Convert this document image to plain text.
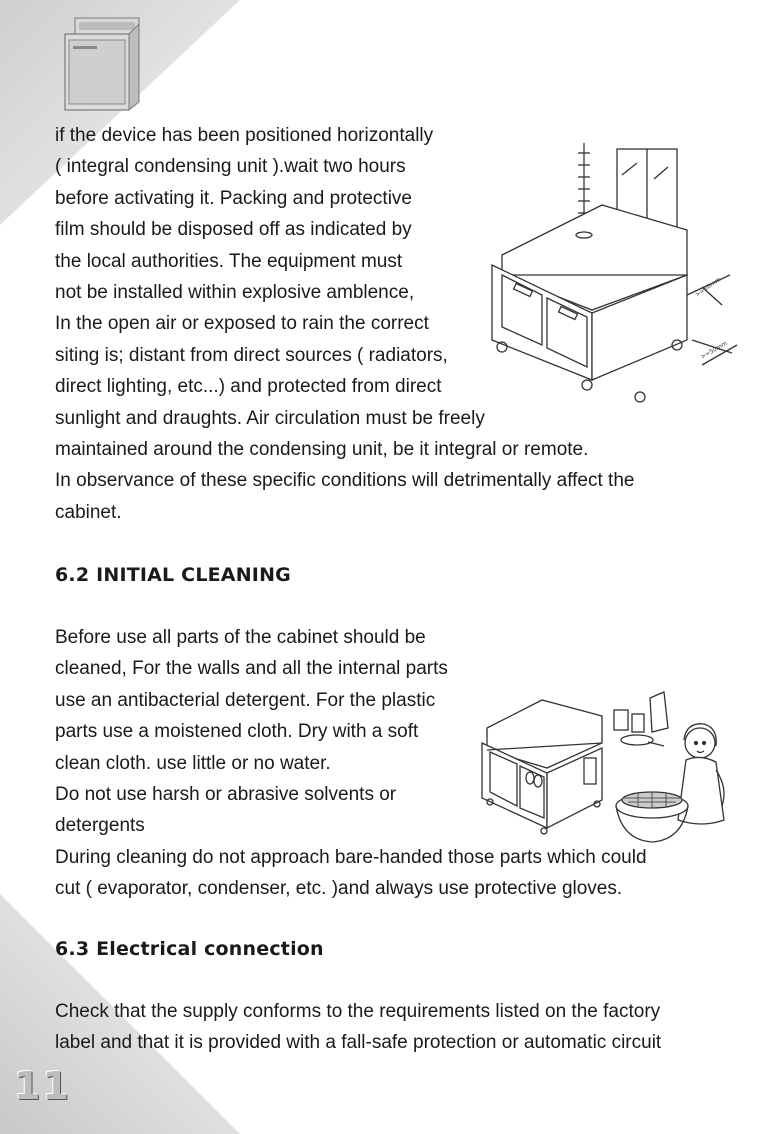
if the device has been positioned horizontally
( integral condensing unit ).wait two hours
before activating it. Packing and protective
film should be disposed off as indicated by
the local authorities. The equipment must
not be installed within explosive amblence,
In the open air or exposed to rain the correct
siting is; distant from direct sources ( radiators,
direct lighting, etc...) and protected from direct
sunlight and draughts. Air circulation must be freely
maintained around the condensing unit, be it integral or remote.
In observance of these specific conditions will detrimentally affect the
cabinet.
>=50mm
>=50mm
6.2 INITIAL CLEANING
Before use all parts of the cabinet should be
cleaned, For the walls and all the internal parts
use an antibacterial detergent. For the plastic
parts use a moistened cloth. Dry with a soft
clean cloth. use little or no water.
Do not use harsh or abrasive solvents or
detergents
During cleaning do not approach bare-handed those parts which could
cut ( evaporator, condenser, etc. )and always use protective gloves.
6.3 Electrical connection
Check that the supply conforms to the requirements listed on the factory
label and that it is provided with a fall-safe protection or automatic circuit
11
